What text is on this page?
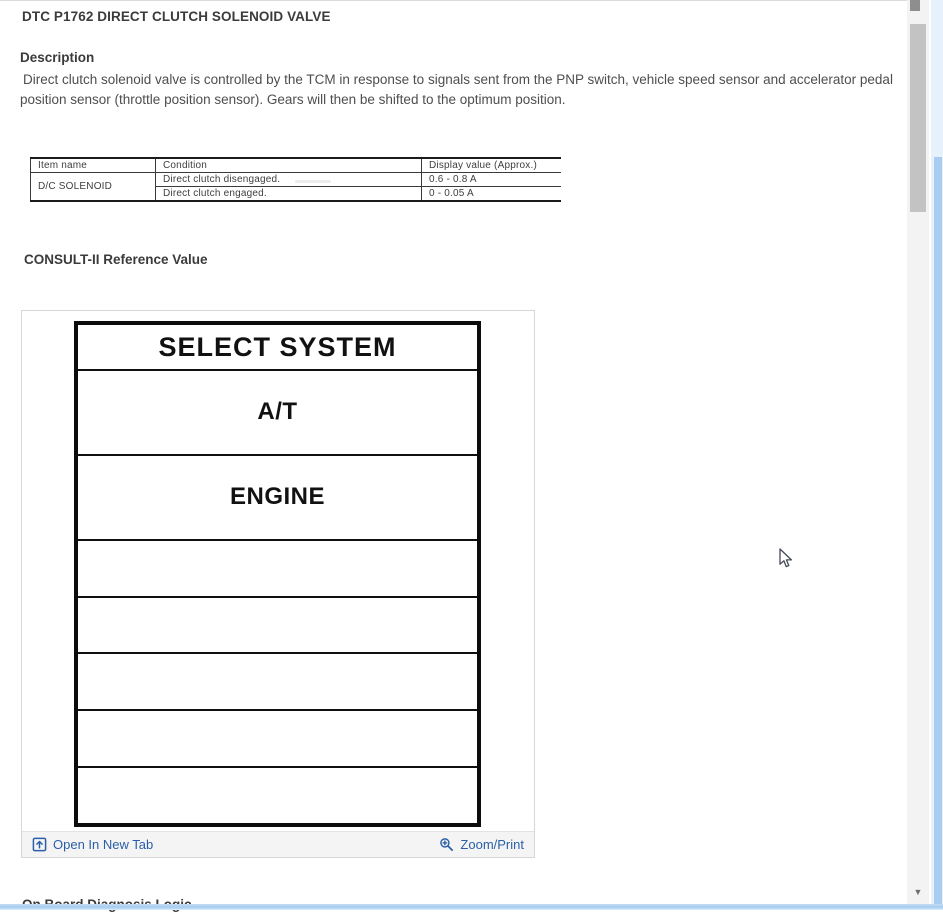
DTC P1762 DIRECT CLUTCH SOLENOID VALVE
Description

Direct clutch solenoid valve is controlled by the TCM in response to signals sent from the PNP switch, vehicle speed sensor and accelerator pedal position sensor (throttle position sensor). Gears will then be shifted to the optimum position.

Item name	Condition	Display value (Approx.)
D/C SOLENOID	Direct clutch disengaged.	0.6 - 0.8 A
	Direct clutch engaged.	0 - 0.05 A
CONSULT-II Reference Value
SELECT SYSTEM
A/T
ENGINE
Open In New Tab	Zoom/Print
▼
